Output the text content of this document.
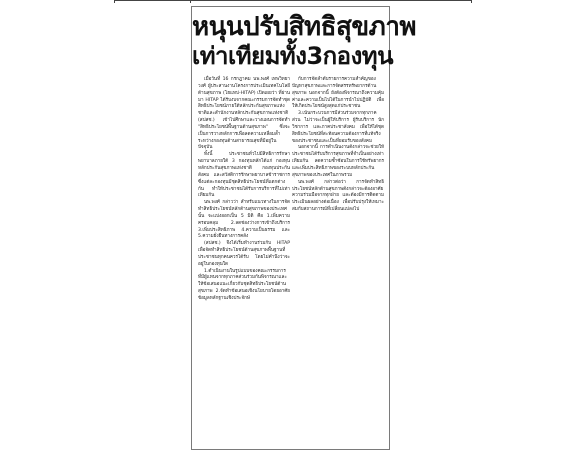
หนุนปรับสิทธิสุขภาพ
เท่าเทียมทั้ง3กองทุน

เมื่อวันที่ 16 กรกฎาคม นพ.พงศ์ เทพวิทยาวงศ์ ผู้ประสานงานโครงการประเมินเทคโนโลยีด้านสุขภาพ (โฮแทป-HITAP) เปิดเผยว่า ที่ผ่านมา HITAP ได้รับงบจากคณะกรรมการจัดทำชุดสิทธิประโยชน์ภายใต้หลักประกันสุขภาพแห่งชาติและสำนักงานหลักประกันสุขภาพแห่งชาติ (สปสช.) เข้าไปศึกษาและวางแผนการจัดทำ "สิทธิประโยชน์พื้นฐานด้านสุขภาพ" ซึ่งจะเป็นการวางหลักการเพื่อลดความเหลื่อมล้ำระหว่างกองทุนด้านสาธารณสุขที่มีอยู่ในปัจจุบัน

ทั้งนี้ ประชาชนทั่วไปมีสิทธิการรักษาพยาบาลภายใต้ 3 กองทุนหลักได้แก่ กองทุนหลักประกันสุขภาพแห่งชาติ กองทุนประกันสังคม และสวัสดิการรักษาพยาบาลข้าราชการ ซึ่งแต่ละกองทุนมีชุดสิทธิประโยชน์ที่แตกต่างกัน ทำให้ประชาชนได้รับการบริการที่ไม่เท่าเทียมกัน

นพ.พงศ์ กล่าวว่า สำหรับแนวทางในการจัดทำสิทธิประโยชน์หลักด้านสุขภาพของประเทศนั้น จะแบ่งออกเป็น 5 มิติ คือ 1.เพิ่มความครอบคลุม 2.ลดช่องว่างการเข้าถึงบริการ 3.เพิ่มประสิทธิภาพ 4.ความเป็นธรรม และ 5.ความยั่งยืนทางการคลัง

(สปสช.) จึงได้เริ่มทำงานร่วมกับ HITAP เพื่อจัดทำสิทธิประโยชน์ด้านสุขภาพพื้นฐานที่ประชาชนทุกคนควรได้รับ โดยไม่คำนึงว่าจะอยู่ในกองทุนใด

1.ดำเนินงานในรูปแบบของคณะกรรมการ ที่มีผู้แทนจากทุกภาคส่วนร่วมกันพิจารณาและให้ข้อเสนอแนะเกี่ยวกับชุดสิทธิประโยชน์ด้านสุขภาพ 2.จัดทำข้อเสนอเชิงนโยบายโดยอาศัยข้อมูลหลักฐานเชิงประจักษ์

กับการจัดลำดับรายการความสำคัญของปัญหาสุขภาพและการจัดสรรทรัพยากรด้านสุขภาพ นอกจากนี้ ยังต้องพิจารณาถึงความคุ้มค่าและความเป็นไปได้ในการนำไปปฏิบัติ เพื่อให้เกิดประโยชน์สูงสุดแก่ประชาชน

3.เน้นกระบวนการมีส่วนร่วมจากทุกภาคส่วน ไม่ว่าจะเป็นผู้ให้บริการ ผู้รับบริการ นักวิชาการ และภาคประชาสังคม เพื่อให้ได้ชุดสิทธิประโยชน์ที่สะท้อนความต้องการที่แท้จริงของประชาชนและเป็นที่ยอมรับของสังคม

นอกจากนี้ การดำเนินงานดังกล่าวจะช่วยให้ประชาชนได้รับบริการสุขภาพที่จำเป็นอย่างเท่าเทียมกัน ลดความซ้ำซ้อนในการใช้ทรัพยากร และเพิ่มประสิทธิภาพของระบบหลักประกันสุขภาพของประเทศในภาพรวม

นพ.พงศ์ กล่าวต่อว่า การจัดทำสิทธิประโยชน์หลักด้านสุขภาพดังกล่าวจะต้องอาศัยความร่วมมือจากทุกฝ่าย และต้องมีการติดตามประเมินผลอย่างต่อเนื่อง เพื่อปรับปรุงให้เหมาะสมกับสถานการณ์ที่เปลี่ยนแปลงไป
